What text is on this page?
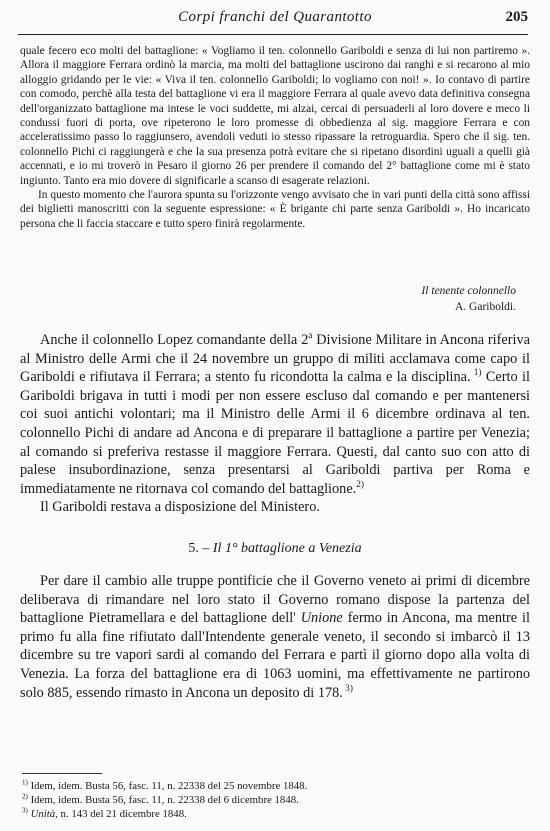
Corpi franchi del Quarantotto	205

quale fecero eco molti del battaglione: « Vogliamo il ten. colonnello Gariboldi e senza di lui non partiremo ». Allora il maggiore Ferrara ordinò la marcia, ma molti del battaglione uscirono dai ranghi e si recarono al mio alloggio gridando per le vie: « Viva il ten. colonnello Gariboldi; lo vogliamo con noi! ». Io contavo di partire con comodo, perchè alla testa del battaglione vi era il maggiore Ferrara al quale avevo data definitiva consegna dell'organizzato battaglione ma intese le voci suddette, mi alzai, cercai di persuaderli al loro dovere e meco li condussi fuori di porta, ove ripeterono le loro promesse di obbedienza al sig. maggiore Ferrara e con acceleratissimo passo lo raggiunsero, avendoli veduti io stesso ripassare la retroguardia. Spero che il sig. ten. colonnello Pichi ci raggiungerà e che la sua presenza potrà evitare che si ripetano disordini uguali a quelli già accennati, e io mi troverò in Pesaro il giorno 26 per prendere il comando del 2° battaglione come mi è stato ingiunto. Tanto era mio dovere di significarle a scanso di esagerate relazioni.

In questo momento che l'aurora spunta su l'orizzonte vengo avvisato che in vari punti della città sono affissi dei biglietti manoscritti con la seguente espressione: « È brigante chi parte senza Gariboldi ». Ho incaricato persona che li faccia staccare e tutto spero finirà regolarmente.

Il tenente colonnello
A. Gariboldi.

Anche il colonnello Lopez comandante della 2$^a$ Divisione Militare in Ancona riferiva al Ministro delle Armi che il 24 novembre un gruppo di militi acclamava come capo il Gariboldi e rifiutava il Ferrara; a stento fu ricondotta la calma e la disciplina. $^{1)}$ Certo il Gariboldi brigava in tutti i modi per non essere escluso dal comando e per mantenersi coi suoi antichi volontari; ma il Ministro delle Armi il 6 dicembre ordinava al ten. colonnello Pichi di andare ad Ancona e di preparare il battaglione a partire per Venezia; al comando si preferiva restasse il maggiore Ferrara. Questi, dal canto suo con atto di palese insubordinazione, senza presentarsi al Gariboldi partiva per Roma e immediatamente ne ritornava col comando del battaglione.$^{2)}$

Il Gariboldi restava a disposizione del Ministero.

5. – Il 1° battaglione a Venezia

Per dare il cambio alle truppe pontificie che il Governo veneto ai primi di dicembre deliberava di rimandare nel loro stato il Governo romano dispose la partenza del battaglione Pietramellara e del battaglione dell' Unione fermo in Ancona, ma mentre il primo fu alla fine rifiutato dall'Intendente generale veneto, il secondo si imbarcò il 13 dicembre su tre vapori sardi al comando del Ferrara e partì il giorno dopo alla volta di Venezia. La forza del battaglione era di 1063 uomini, ma effettivamente ne partirono solo 885, essendo rimasto in Ancona un deposito di 178. $^{3)}$

$^{1)}$ Idem, idem. Busta 56, fasc. 11, n. 22338 del 25 novembre 1848.
$^{2)}$ Idem, idem. Busta 56, fasc. 11, n. 22338 del 6 dicembre 1848.
$^{3)}$ Unità, n. 143 del 21 dicembre 1848.
